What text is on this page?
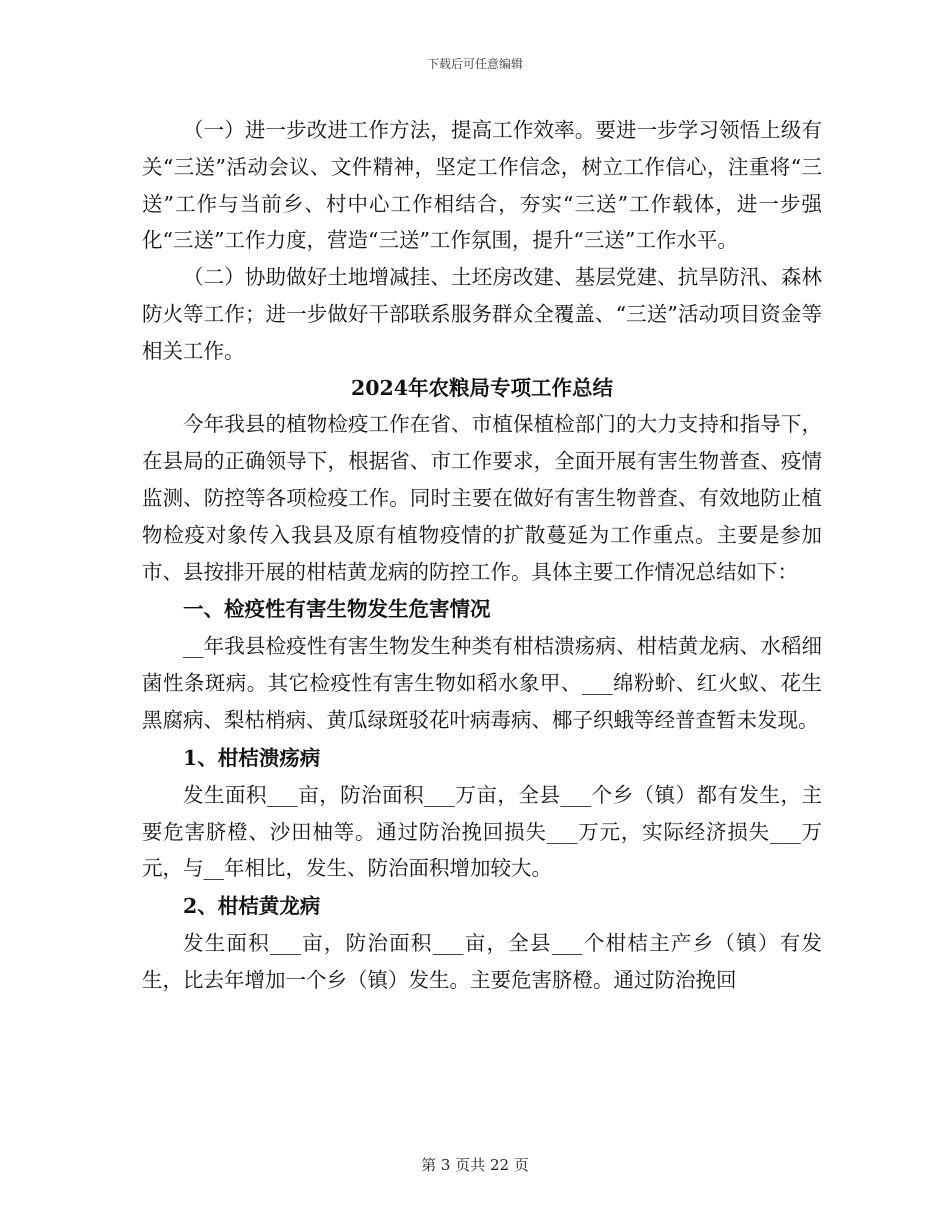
下载后可任意编辑

（一）进一步改进工作方法，提高工作效率。要进一步学习领悟上级有关“三送”活动会议、文件精神，坚定工作信念，树立工作信心，注重将“三送”工作与当前乡、村中心工作相结合，夯实“三送”工作载体，进一步强化“三送”工作力度，营造“三送”工作氛围，提升“三送”工作水平。

（二）协助做好土地增减挂、土坯房改建、基层党建、抗旱防汛、森林防火等工作；进一步做好干部联系服务群众全覆盖、“三送”活动项目资金等相关工作。

2024年农粮局专项工作总结

今年我县的植物检疫工作在省、市植保植检部门的大力支持和指导下，在县局的正确领导下，根据省、市工作要求，全面开展有害生物普查、疫情监测、防控等各项检疫工作。同时主要在做好有害生物普查、有效地防止植物检疫对象传入我县及原有植物疫情的扩散蔓延为工作重点。主要是参加市、县按排开展的柑桔黄龙病的防控工作。具体主要工作情况总结如下：

一、检疫性有害生物发生危害情况

__年我县检疫性有害生物发生种类有柑桔溃疡病、柑桔黄龙病、水稻细菌性条斑病。其它检疫性有害生物如稻水象甲、___绵粉蚧、红火蚁、花生黑腐病、梨枯梢病、黄瓜绿斑驳花叶病毒病、椰子织蛾等经普查暂未发现。

1、柑桔溃疡病

发生面积___亩，防治面积___万亩，全县___个乡（镇）都有发生，主要危害脐橙、沙田柚等。通过防治挽回损失___万元，实际经济损失___万元，与__年相比，发生、防治面积增加较大。

2、柑桔黄龙病

发生面积___亩，防治面积___亩，全县___个柑桔主产乡（镇）有发生，比去年增加一个乡（镇）发生。主要危害脐橙。通过防治挽回

第 3 页共 22 页
